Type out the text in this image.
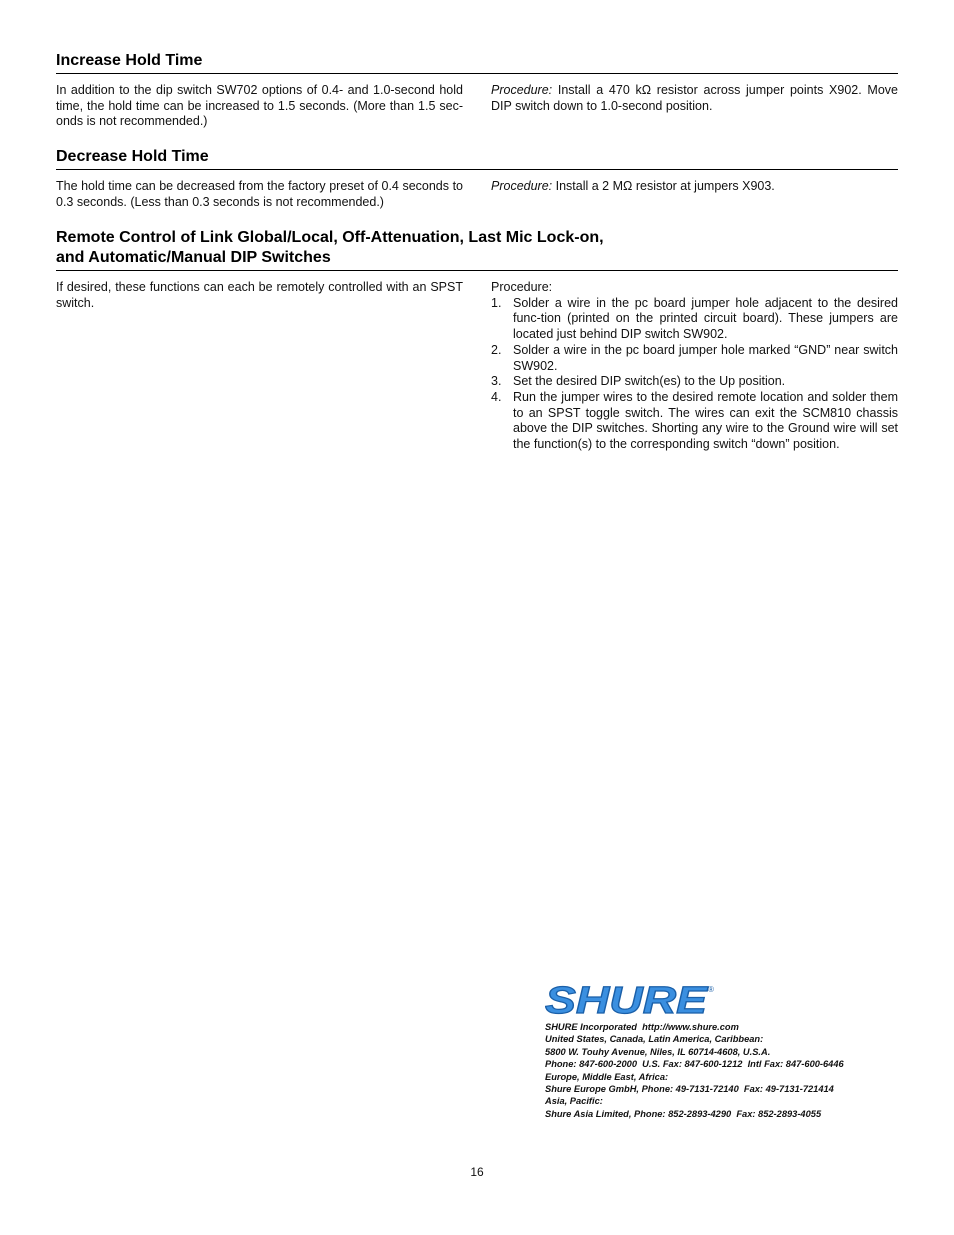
Increase Hold Time
In addition to the dip switch SW702 options of 0.4- and 1.0-second hold time, the hold time can be increased to 1.5 seconds. (More than 1.5 sec-onds is not recommended.)
Procedure: Install a 470 kΩ resistor across jumper points X902. Move DIP switch down to 1.0-second position.
Decrease Hold Time
The hold time can be decreased from the factory preset of 0.4 seconds to 0.3 seconds. (Less than 0.3 seconds is not recommended.)
Procedure: Install a 2 MΩ resistor at jumpers X903.
Remote Control of Link Global/Local, Off-Attenuation, Last Mic Lock-on,
and Automatic/Manual DIP Switches
If desired, these functions can each be remotely controlled with an SPST switch.
Procedure:
1. Solder a wire in the pc board jumper hole adjacent to the desired func-tion (printed on the printed circuit board). These jumpers are located just behind DIP switch SW902.
2. Solder a wire in the pc board jumper hole marked “GND” near switch SW902.
3. Set the desired DIP switch(es) to the Up position.
4. Run the jumper wires to the desired remote location and solder them to an SPST toggle switch. The wires can exit the SCM810 chassis above the DIP switches. Shorting any wire to the Ground wire will set the function(s) to the corresponding switch “down” position.
SHURE ®
SHURE Incorporated  http://www.shure.com
United States, Canada, Latin America, Caribbean:
5800 W. Touhy Avenue, Niles, IL 60714-4608, U.S.A.
Phone: 847-600-2000  U.S. Fax: 847-600-1212  Intl Fax: 847-600-6446
Europe, Middle East, Africa:
Shure Europe GmbH, Phone: 49-7131-72140  Fax: 49-7131-721414
Asia, Pacific:
Shure Asia Limited, Phone: 852-2893-4290  Fax: 852-2893-4055
16
